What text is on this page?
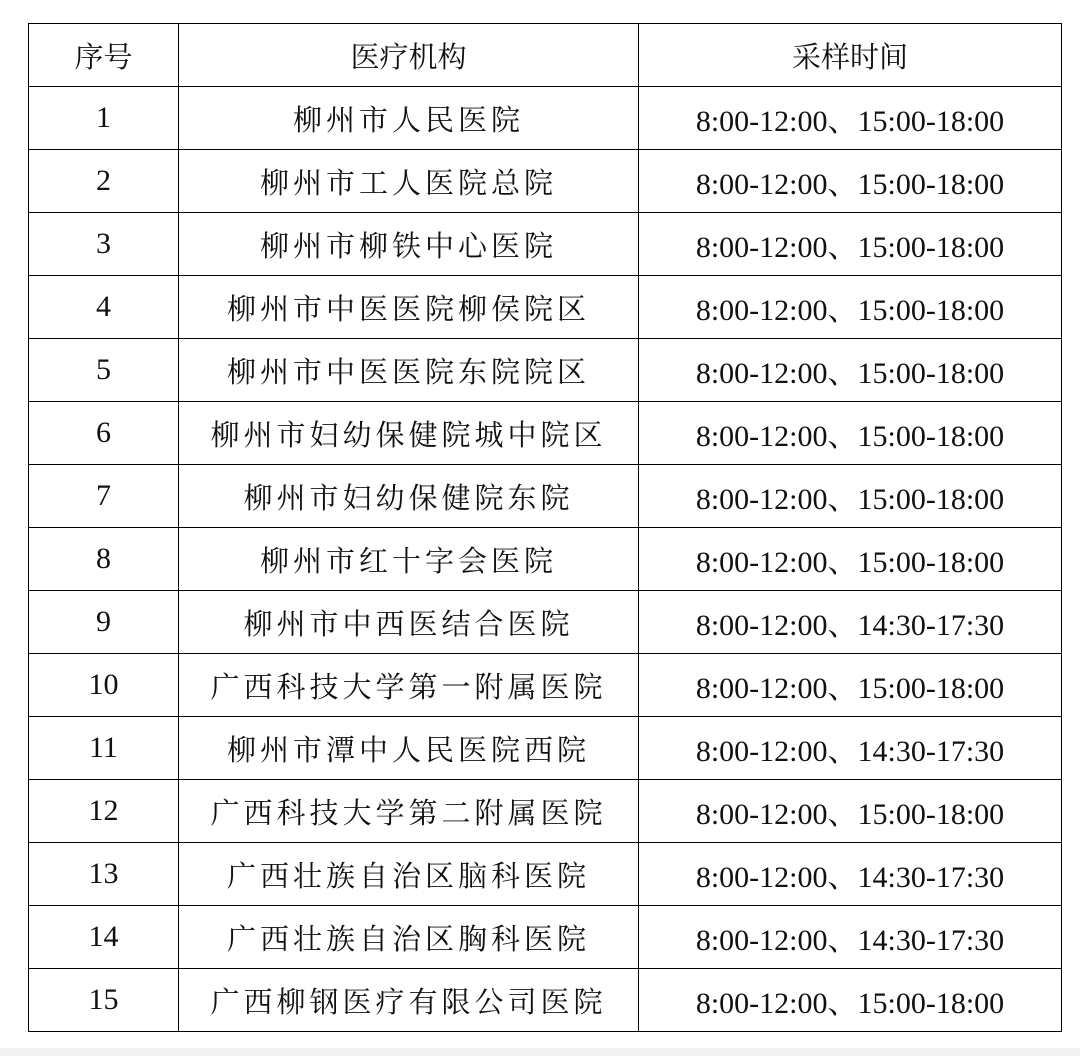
序号	医疗机构	采样时间
1	柳州市人民医院	8:00-12:00、15:00-18:00
2	柳州市工人医院总院	8:00-12:00、15:00-18:00
3	柳州市柳铁中心医院	8:00-12:00、15:00-18:00
4	柳州市中医医院柳侯院区	8:00-12:00、15:00-18:00
5	柳州市中医医院东院院区	8:00-12:00、15:00-18:00
6	柳州市妇幼保健院城中院区	8:00-12:00、15:00-18:00
7	柳州市妇幼保健院东院	8:00-12:00、15:00-18:00
8	柳州市红十字会医院	8:00-12:00、15:00-18:00
9	柳州市中西医结合医院	8:00-12:00、14:30-17:30
10	广西科技大学第一附属医院	8:00-12:00、15:00-18:00
11	柳州市潭中人民医院西院	8:00-12:00、14:30-17:30
12	广西科技大学第二附属医院	8:00-12:00、15:00-18:00
13	广西壮族自治区脑科医院	8:00-12:00、14:30-17:30
14	广西壮族自治区胸科医院	8:00-12:00、14:30-17:30
15	广西柳钢医疗有限公司医院	8:00-12:00、15:00-18:00
